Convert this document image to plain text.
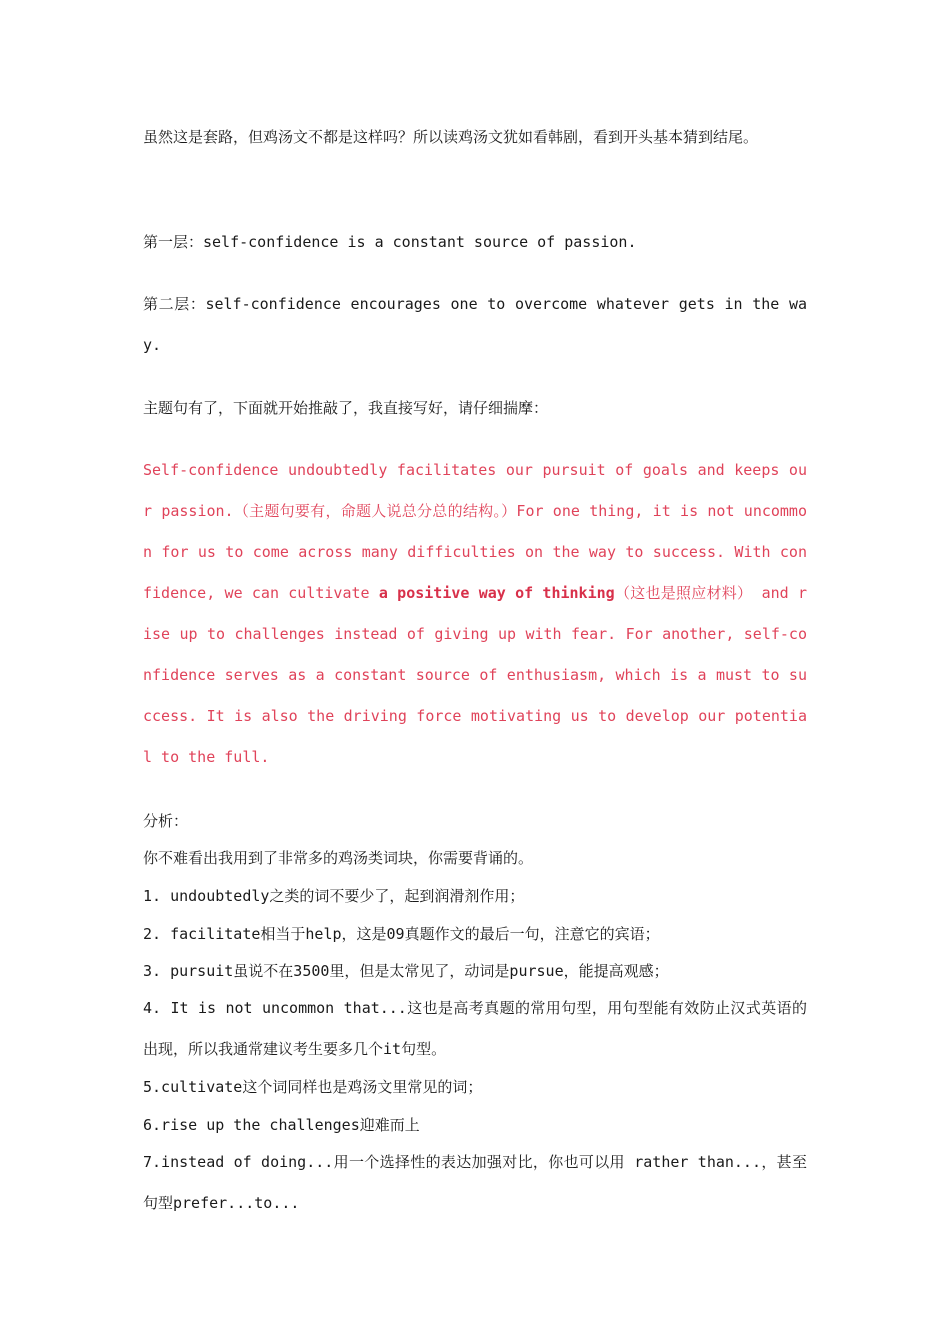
虽然这是套路，但鸡汤文不都是这样吗？所以读鸡汤文犹如看韩剧，看到开头基本猜到结尾。

第一层：self-confidence is a constant source of passion.

第二层：self-confidence encourages one to overcome whatever gets in the way.

主题句有了，下面就开始推敲了，我直接写好，请仔细揣摩：

Self-confidence undoubtedly facilitates our pursuit of goals and keeps our passion.（主题句要有，命题人说总分总的结构。）For one thing, it is not uncommon for us to come across many difficulties on the way to success. With confidence, we can cultivate a positive way of thinking（这也是照应材料） and rise up to challenges instead of giving up with fear. For another, self-confidence serves as a constant source of enthusiasm, which is a must to success. It is also the driving force motivating us to develop our potential to the full.

分析：

你不难看出我用到了非常多的鸡汤类词块，你需要背诵的。

1. undoubtedly之类的词不要少了，起到润滑剂作用；

2. facilitate相当于help，这是09真题作文的最后一句，注意它的宾语；

3. pursuit虽说不在3500里，但是太常见了，动词是pursue，能提高观感；

4. It is not uncommon that...这也是高考真题的常用句型，用句型能有效防止汉式英语的出现，所以我通常建议考生要多几个it句型。

5.cultivate这个词同样也是鸡汤文里常见的词；

6.rise up the challenges迎难而上

7.instead of doing...用一个选择性的表达加强对比，你也可以用 rather than...，甚至句型prefer...to...
